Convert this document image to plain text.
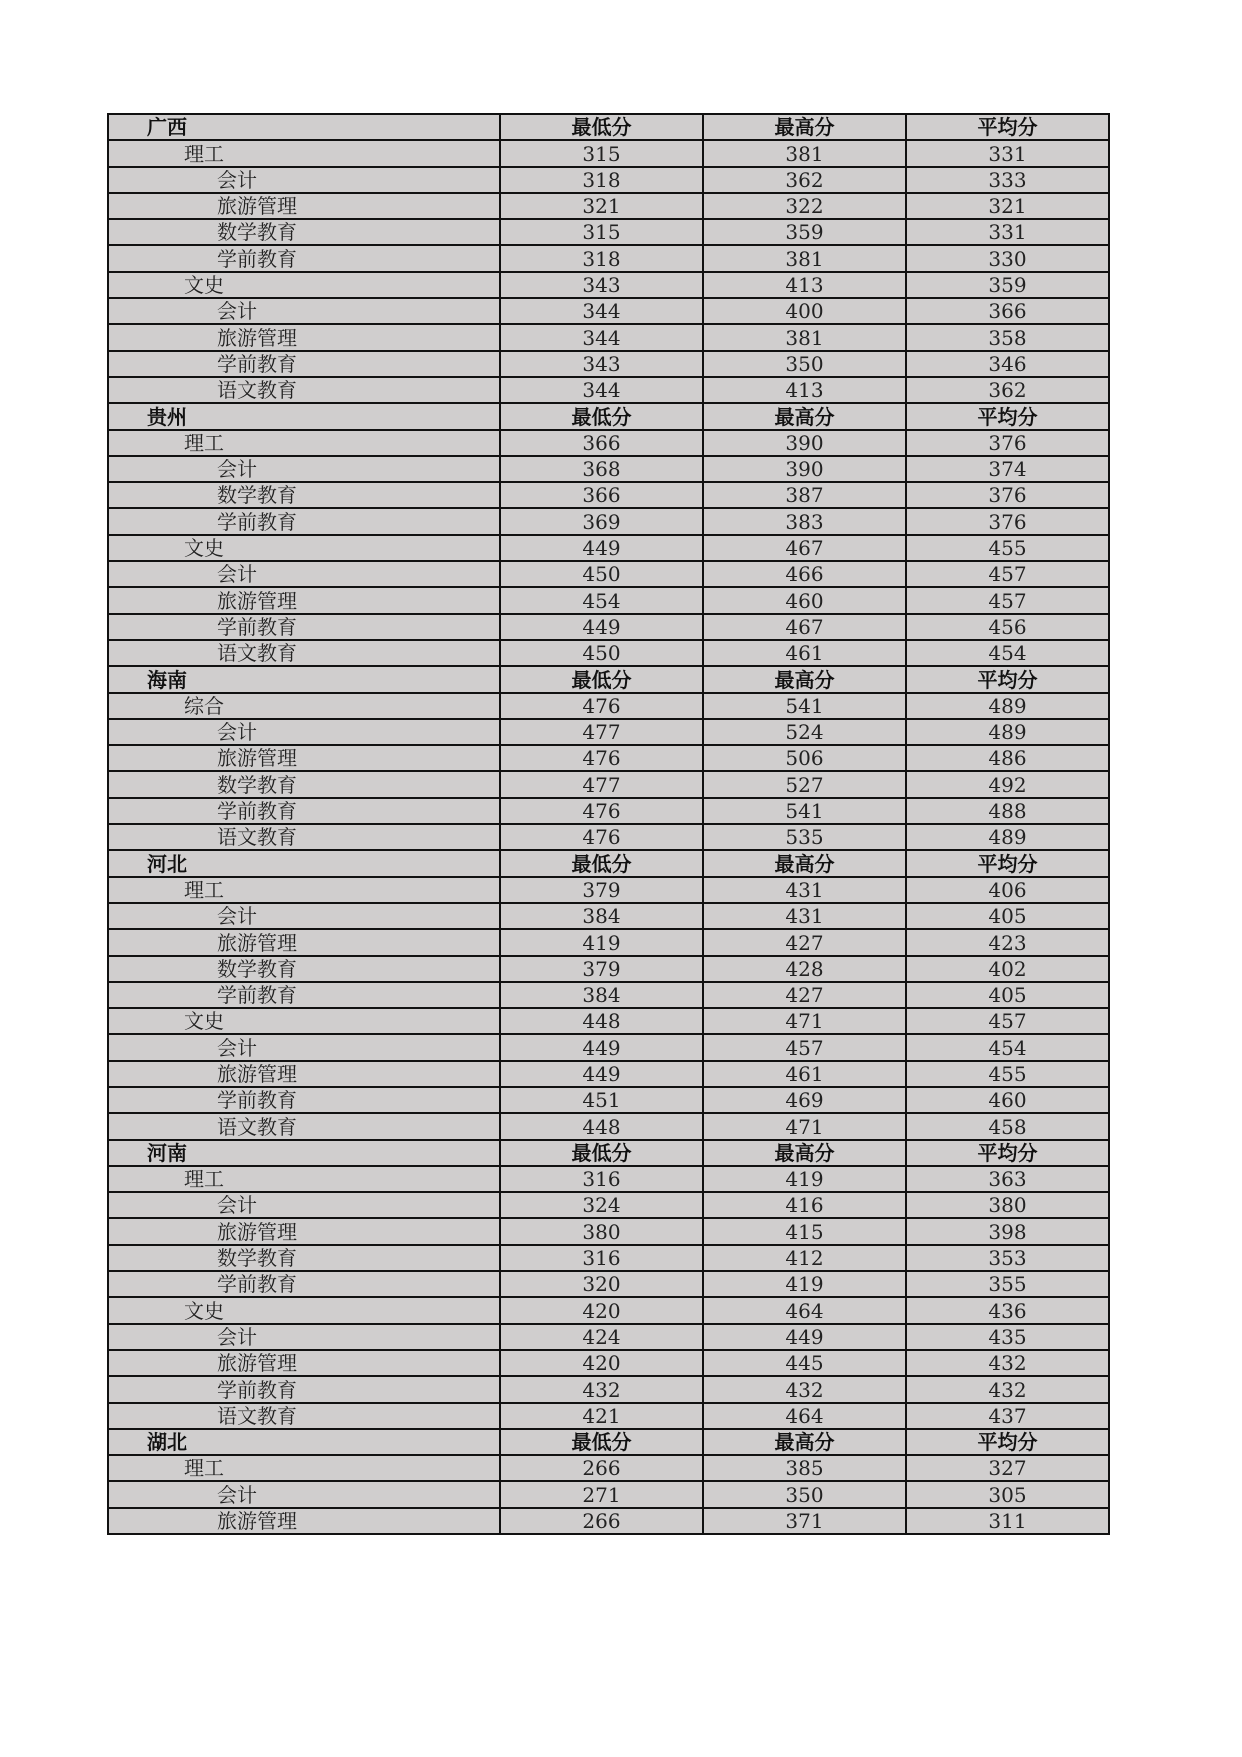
广西	最低分	最高分	平均分
理工	315	381	331
会计	318	362	333
旅游管理	321	322	321
数学教育	315	359	331
学前教育	318	381	330
文史	343	413	359
会计	344	400	366
旅游管理	344	381	358
学前教育	343	350	346
语文教育	344	413	362
贵州	最低分	最高分	平均分
理工	366	390	376
会计	368	390	374
数学教育	366	387	376
学前教育	369	383	376
文史	449	467	455
会计	450	466	457
旅游管理	454	460	457
学前教育	449	467	456
语文教育	450	461	454
海南	最低分	最高分	平均分
综合	476	541	489
会计	477	524	489
旅游管理	476	506	486
数学教育	477	527	492
学前教育	476	541	488
语文教育	476	535	489
河北	最低分	最高分	平均分
理工	379	431	406
会计	384	431	405
旅游管理	419	427	423
数学教育	379	428	402
学前教育	384	427	405
文史	448	471	457
会计	449	457	454
旅游管理	449	461	455
学前教育	451	469	460
语文教育	448	471	458
河南	最低分	最高分	平均分
理工	316	419	363
会计	324	416	380
旅游管理	380	415	398
数学教育	316	412	353
学前教育	320	419	355
文史	420	464	436
会计	424	449	435
旅游管理	420	445	432
学前教育	432	432	432
语文教育	421	464	437
湖北	最低分	最高分	平均分
理工	266	385	327
会计	271	350	305
旅游管理	266	371	311
